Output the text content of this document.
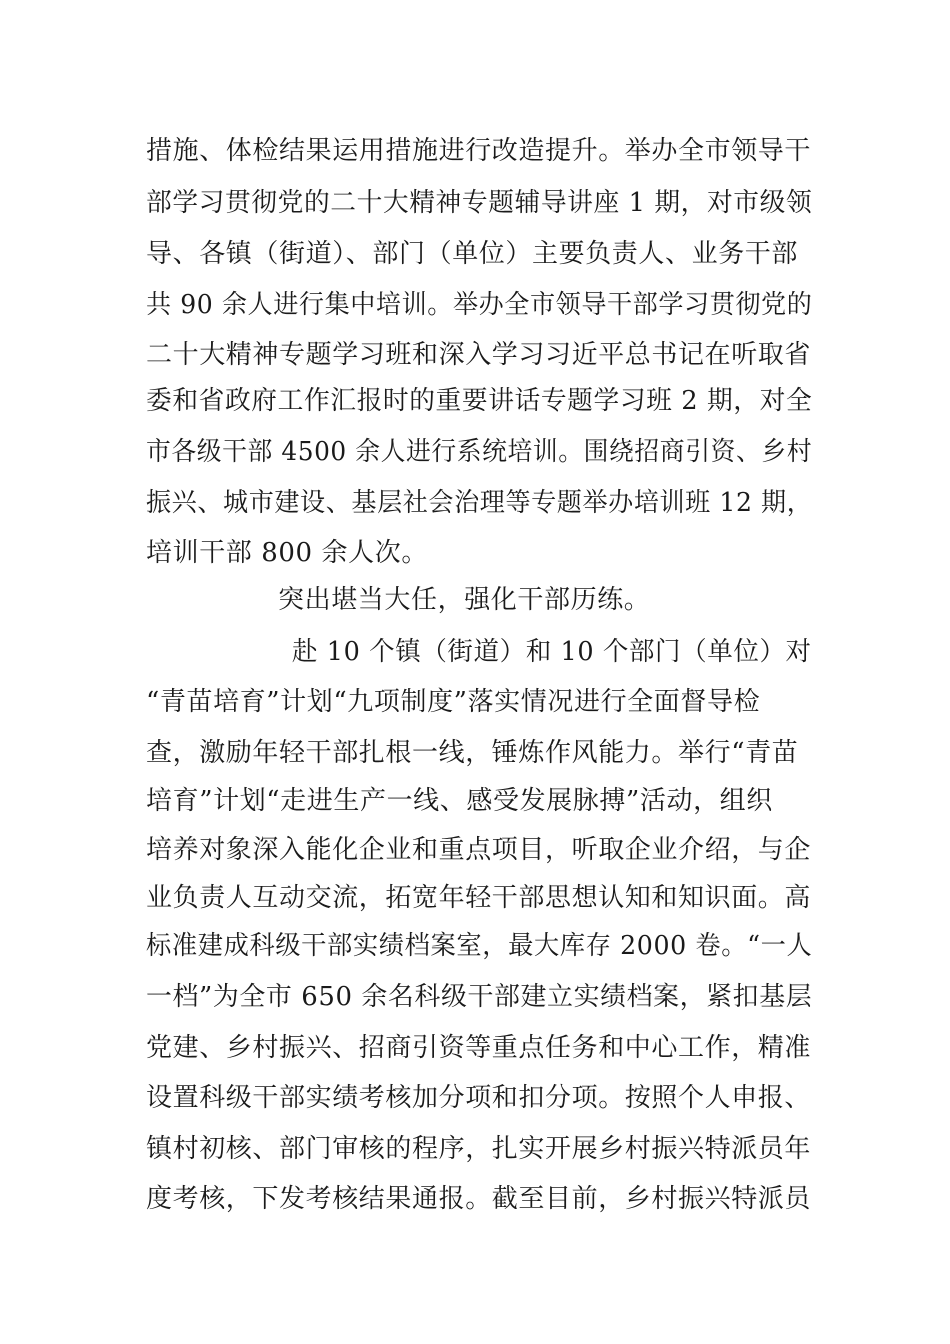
措施、体检结果运用措施进行改造提升。举办全市领导干
部学习贯彻党的二十大精神专题辅导讲座 1 期，对市级领
导、各镇（街道）、部门（单位）主要负责人、业务干部
共 90 余人进行集中培训。举办全市领导干部学习贯彻党的
二十大精神专题学习班和深入学习习近平总书记在听取省
委和省政府工作汇报时的重要讲话专题学习班 2 期，对全
市各级干部 4500 余人进行系统培训。围绕招商引资、乡村
振兴、城市建设、基层社会治理等专题举办培训班 12 期，
培训干部 800 余人次。
突出堪当大任，强化干部历练。
赴 10 个镇（街道）和 10 个部门（单位）对
“青苗培育”计划“九项制度”落实情况进行全面督导检
查，激励年轻干部扎根一线，锤炼作风能力。举行“青苗
培育”计划“走进生产一线、感受发展脉搏”活动，组织
培养对象深入能化企业和重点项目，听取企业介绍，与企
业负责人互动交流，拓宽年轻干部思想认知和知识面。高
标准建成科级干部实绩档案室，最大库存 2000 卷。“一人
一档”为全市 650 余名科级干部建立实绩档案，紧扣基层
党建、乡村振兴、招商引资等重点任务和中心工作，精准
设置科级干部实绩考核加分项和扣分项。按照个人申报、
镇村初核、部门审核的程序，扎实开展乡村振兴特派员年
度考核，下发考核结果通报。截至目前，乡村振兴特派员
